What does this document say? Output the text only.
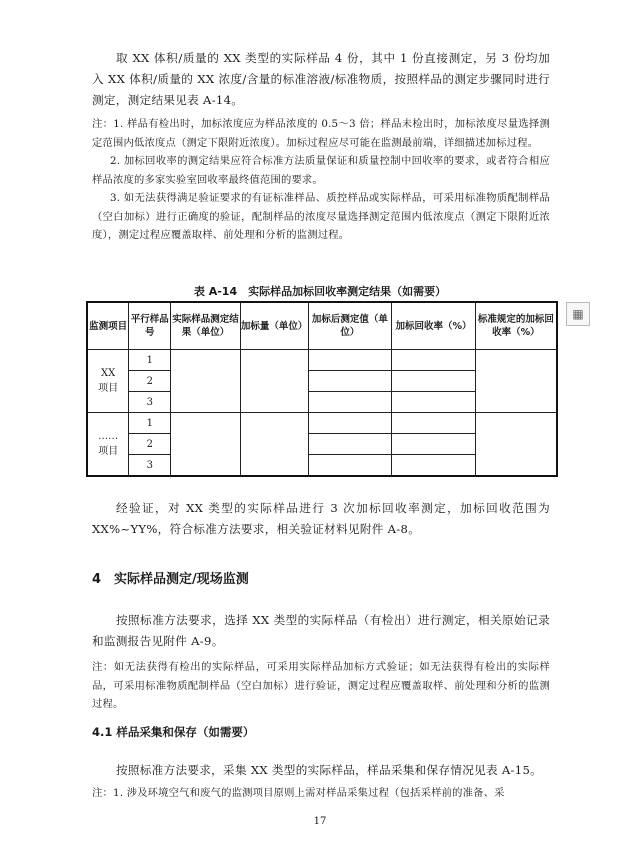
取 XX 体积/质量的 XX 类型的实际样品 4 份，其中 1 份直接测定，另 3 份均加入 XX 体积/质量的 XX 浓度/含量的标准溶液/标准物质，按照样品的测定步骤同时进行测定，测定结果见表 A-14。

注：1. 样品有检出时，加标浓度应为样品浓度的 0.5～3 倍；样品未检出时，加标浓度尽量选择测定范围内低浓度点（测定下限附近浓度）。加标过程应尽可能在监测最前端，详细描述加标过程。
2. 加标回收率的测定结果应符合标准方法质量保证和质量控制中回收率的要求，或者符合相应样品浓度的多家实验室回收率最终值范围的要求。
3. 如无法获得满足验证要求的有证标准样品、质控样品或实际样品，可采用标准物质配制样品（空白加标）进行正确度的验证，配制样品的浓度尽量选择测定范围内低浓度点（测定下限附近浓度），测定过程应覆盖取样、前处理和分析的监测过程。
表 A-14　实际样品加标回收率测定结果（如需要）
▦
监测项目	平行样品号	实际样品测定结果（单位）	加标量（单位）	加标后测定值（单位）	加标回收率（%）	标准规定的加标回收率（%）

XX
项目	1					
	2					
	3					

……
项目	1					
	2					
	3					

经验证，对 XX 类型的实际样品进行 3 次加标回收率测定，加标回收范围为 XX%~YY%，符合标准方法要求，相关验证材料见附件 A-8。

4　实际样品测定/现场监测

按照标准方法要求，选择 XX 类型的实际样品（有检出）进行测定，相关原始记录和监测报告见附件 A-9。

注：如无法获得有检出的实际样品，可采用实际样品加标方式验证；如无法获得有检出的实际样品，可采用标准物质配制样品（空白加标）进行验证，测定过程应覆盖取样、前处理和分析的监测过程。
4.1 样品采集和保存（如需要）

按照标准方法要求，采集 XX 类型的实际样品，样品采集和保存情况见表 A-15。

注：1. 涉及环境空气和废气的监测项目原则上需对样品采集过程（包括采样前的准备、采
17
